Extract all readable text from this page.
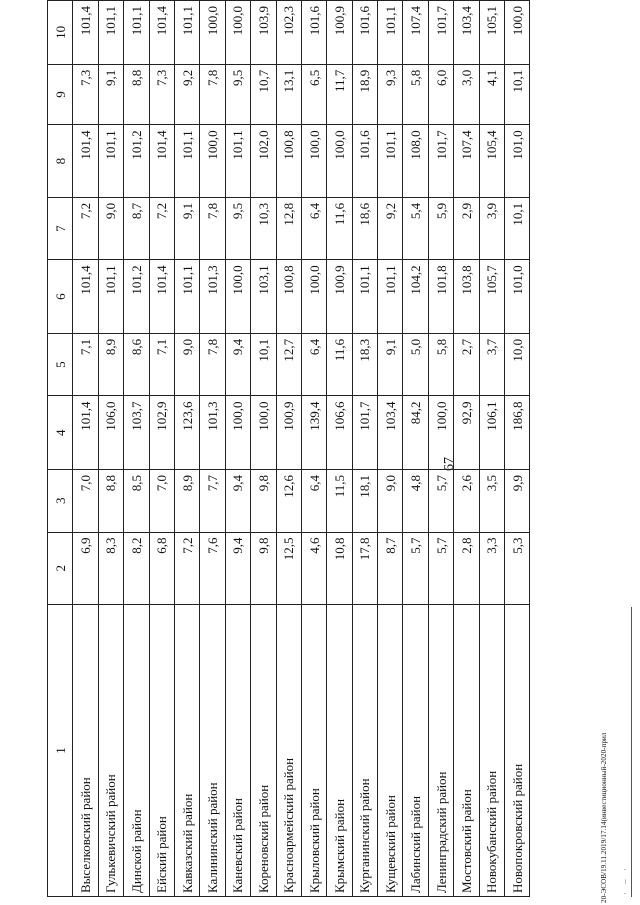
67
1	2	3	4	5	6	7	8	9	10
Выселковский район	6,9	7,0	101,4	7,1	101,4	7,2	101,4	7,3	101,4
Гулькевичский район	8,3	8,8	106,0	8,9	101,1	9,0	101,1	9,1	101,1
Динской район	8,2	8,5	103,7	8,6	101,2	8,7	101,2	8,8	101,1
Ейский район	6,8	7,0	102,9	7,1	101,4	7,2	101,4	7,3	101,4
Кавказский район	7,2	8,9	123,6	9,0	101,1	9,1	101,1	9,2	101,1
Калининский район	7,6	7,7	101,3	7,8	101,3	7,8	100,0	7,8	100,0
Каневский район	9,4	9,4	100,0	9,4	100,0	9,5	101,1	9,5	100,0
Кореновский район	9,8	9,8	100,0	10,1	103,1	10,3	102,0	10,7	103,9
Красноармейский район	12,5	12,6	100,9	12,7	100,8	12,8	100,8	13,1	102,3
Крыловский район	4,6	6,4	139,4	6,4	100,0	6,4	100,0	6,5	101,6
Крымский район	10,8	11,5	106,6	11,6	100,9	11,6	100,0	11,7	100,9
Курганинский район	17,8	18,1	101,7	18,3	101,1	18,6	101,6	18,9	101,6
Кущевский район	8,7	9,0	103,4	9,1	101,1	9,2	101,1	9,3	101,1
Лабинский район	5,7	4,8	84,2	5,0	104,2	5,4	108,0	5,8	107,4
Ленинградский район	5,7	5,7	100,0	5,8	101,8	5,9	101,7	6,0	101,7
Мостовский район	2,8	2,6	92,9	2,7	103,8	2,9	107,4	3,0	103,4
Новокубанский район	3,3	3,5	106,1	3,7	105,7	3,9	105,4	4,1	105,1
Новопокровский район	5,3	9,9	186,8	10,0	101,0	10,1	101,0	10,1	100,0
· – ·
20-ЭСОВ/19.11.2019/17.14(инвестиционный-2020-прил
